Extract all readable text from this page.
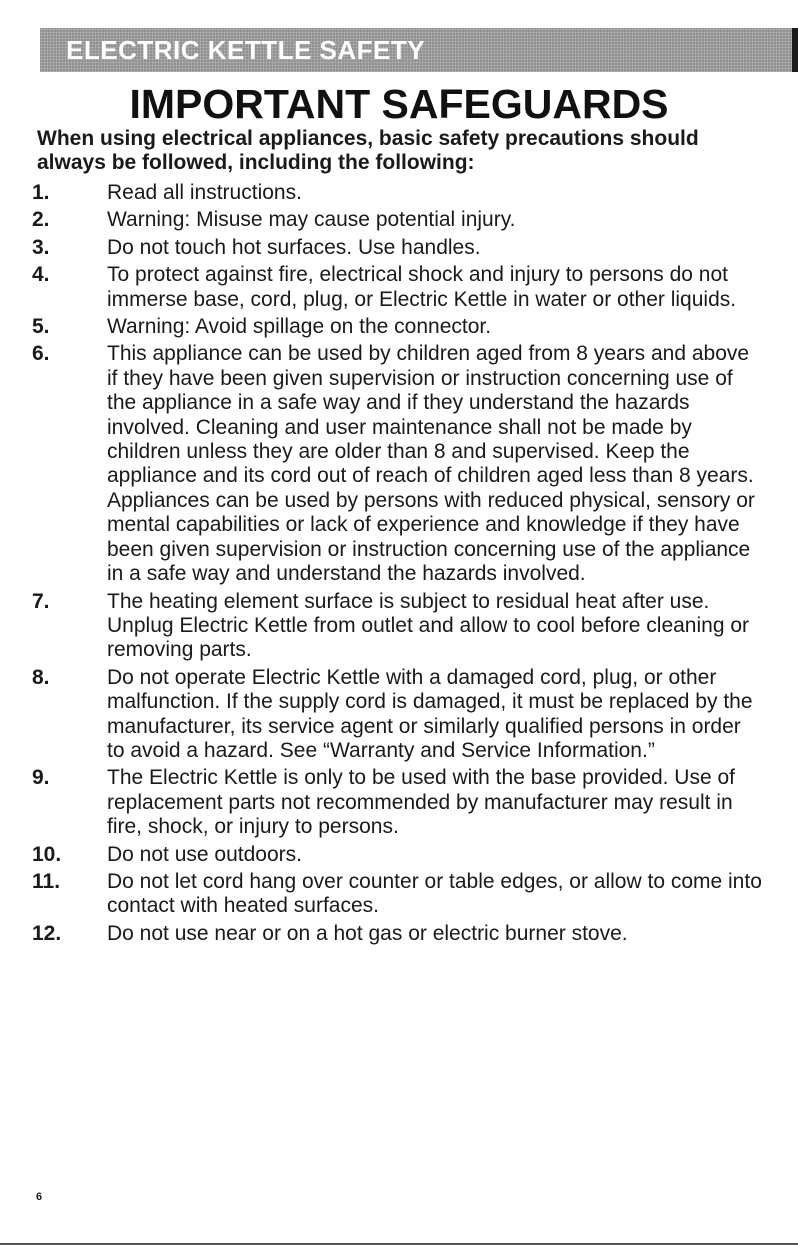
ELECTRIC KETTLE SAFETY
IMPORTANT SAFEGUARDS

When using electrical appliances, basic safety precautions should always be followed, including the following:

1.	Read all instructions.
2.	Warning: Misuse may cause potential injury.
3.	Do not touch hot surfaces. Use handles.
4.	To protect against fire, electrical shock and injury to persons do not immerse base, cord, plug, or Electric Kettle in water or other liquids.
5.	Warning: Avoid spillage on the connector.
6.	This appliance can be used by children aged from 8 years and above if they have been given supervision or instruction concerning use of the appliance in a safe way and if they understand the hazards involved. Cleaning and user maintenance shall not be made by children unless they are older than 8 and supervised. Keep the appliance and its cord out of reach of children aged less than 8 years. Appliances can be used by persons with reduced physical, sensory or mental capabilities or lack of experience and knowledge if they have been given supervision or instruction concerning use of the appliance in a safe way and understand the hazards involved.
7.	The heating element surface is subject to residual heat after use. Unplug Electric Kettle from outlet and allow to cool before cleaning or removing parts.
8.	Do not operate Electric Kettle with a damaged cord, plug, or other malfunction. If the supply cord is damaged, it must be replaced by the manufacturer, its service agent or similarly qualified persons in order to avoid a hazard. See “Warranty and Service Information.”
9.	The Electric Kettle is only to be used with the base provided. Use of replacement parts not recommended by manufacturer may result in fire, shock, or injury to persons.
10.	Do not use outdoors.
11.	Do not let cord hang over counter or table edges, or allow to come into contact with heated surfaces.
12.	Do not use near or on a hot gas or electric burner stove.

6
